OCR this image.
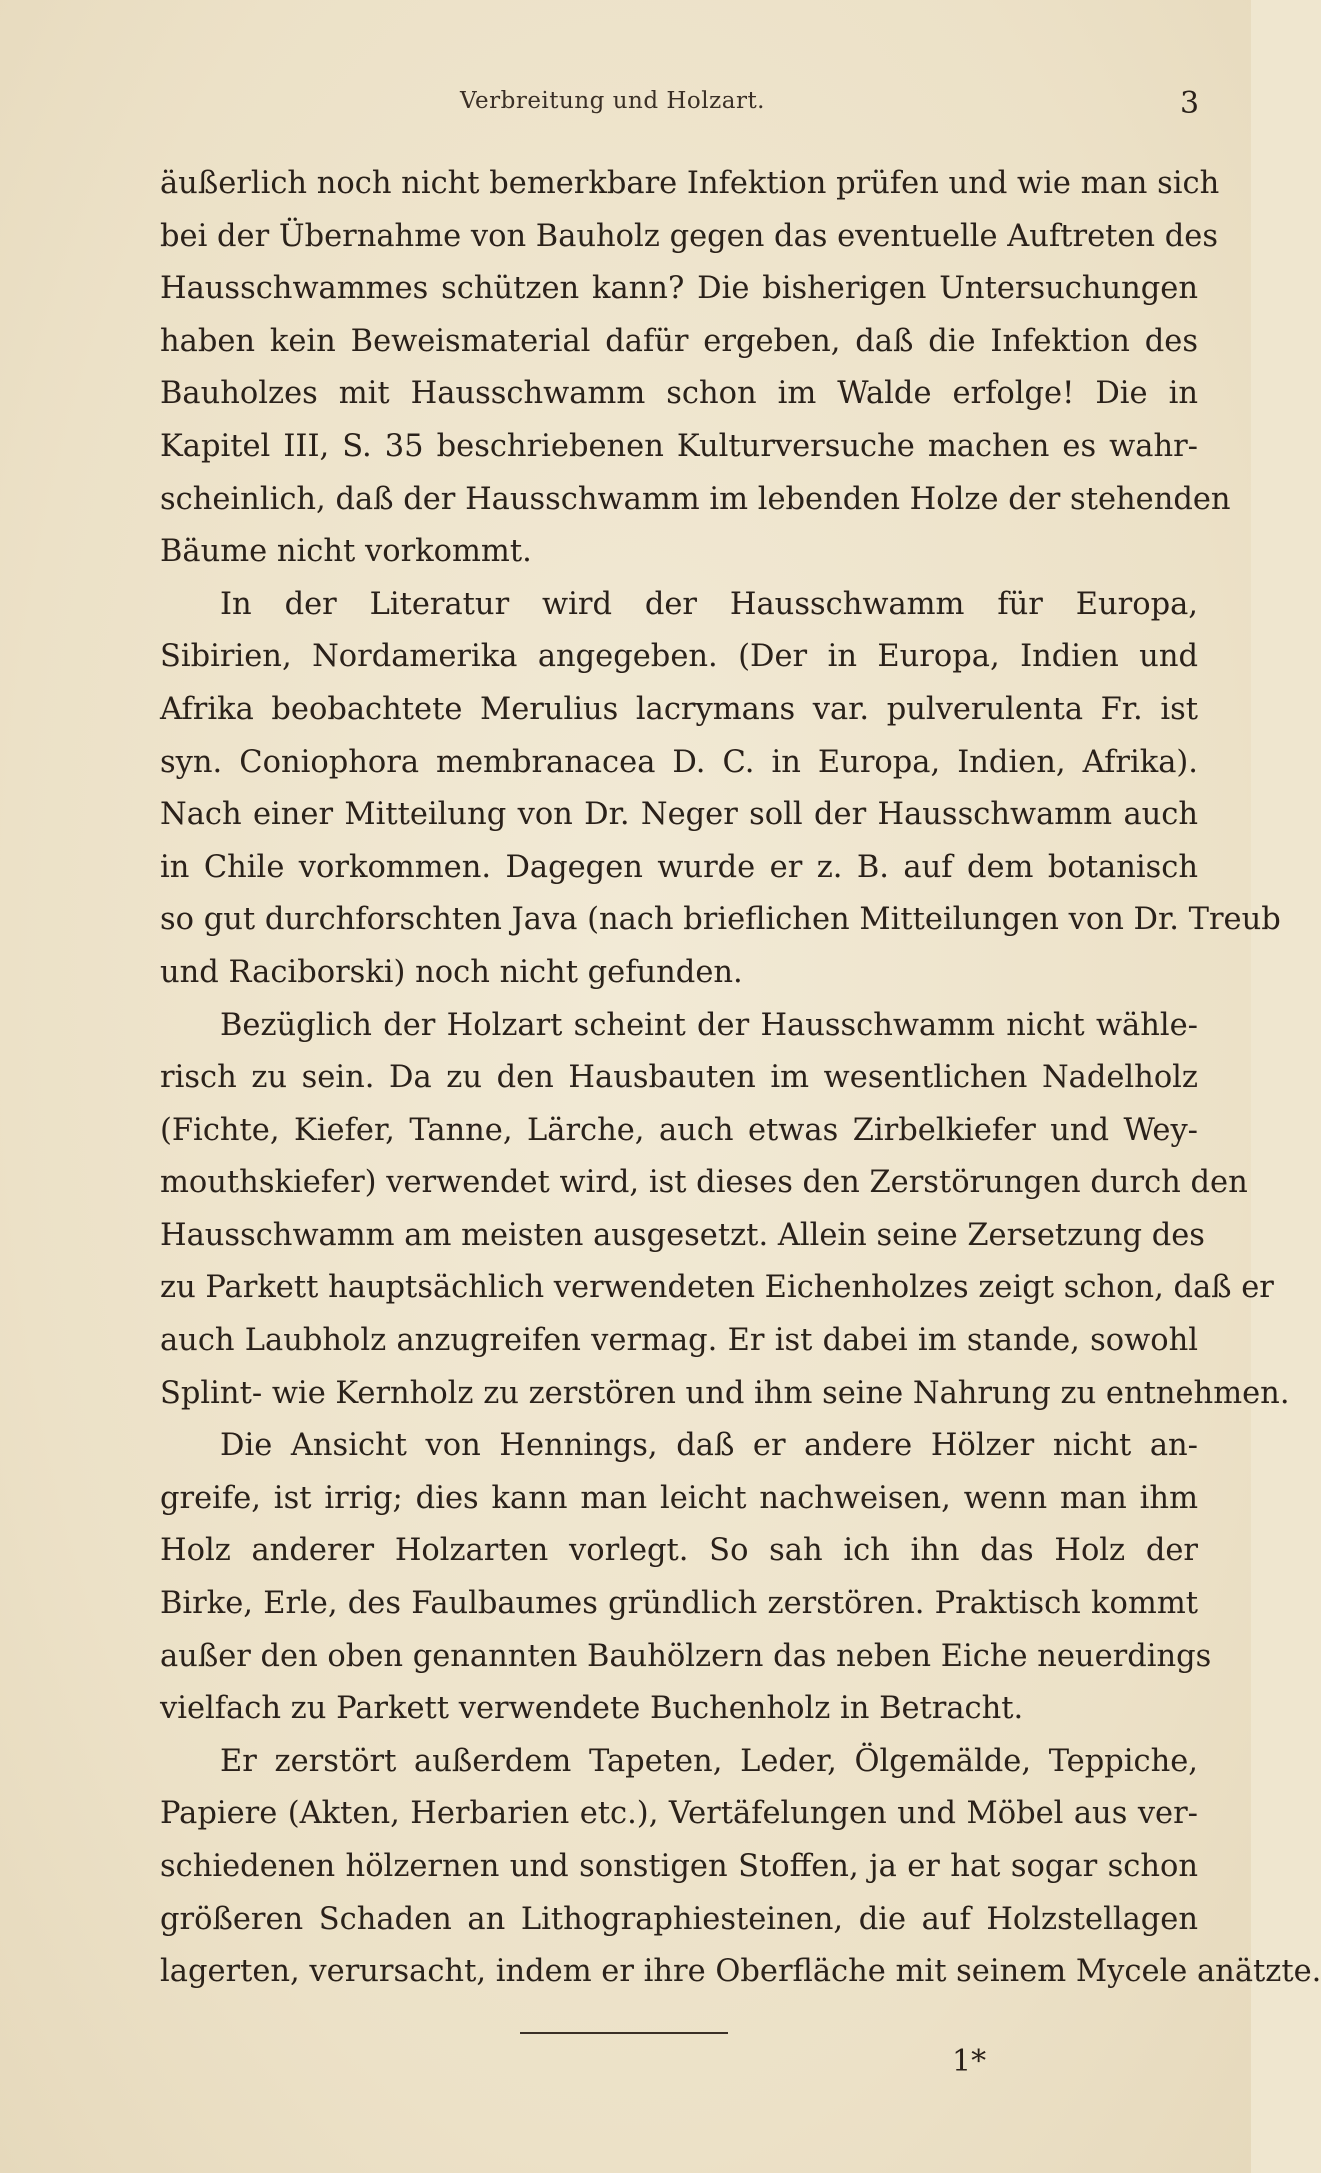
Verbreitung und Holzart.	3
äußerlich noch nicht bemerkbare Infektion prüfen und wie man sich
bei der Übernahme von Bauholz gegen das eventuelle Auftreten des
Hausschwammes schützen kann? Die bisherigen Untersuchungen
haben kein Beweismaterial dafür ergeben, daß die Infektion des
Bauholzes mit Hausschwamm schon im Walde erfolge! Die in
Kapitel III, S. 35 beschriebenen Kulturversuche machen es wahr-
scheinlich, daß der Hausschwamm im lebenden Holze der stehenden
Bäume nicht vorkommt.
In der Literatur wird der Hausschwamm für Europa,
Sibirien, Nordamerika angegeben. (Der in Europa, Indien und
Afrika beobachtete Merulius lacrymans var. pulverulenta Fr. ist
syn. Coniophora membranacea D. C. in Europa, Indien, Afrika).
Nach einer Mitteilung von Dr. Neger soll der Hausschwamm auch
in Chile vorkommen. Dagegen wurde er z. B. auf dem botanisch
so gut durchforschten Java (nach brieflichen Mitteilungen von Dr. Treub
und Raciborski) noch nicht gefunden.
Bezüglich der Holzart scheint der Hausschwamm nicht wähle-
risch zu sein. Da zu den Hausbauten im wesentlichen Nadelholz
(Fichte, Kiefer, Tanne, Lärche, auch etwas Zirbelkiefer und Wey-
mouthskiefer) verwendet wird, ist dieses den Zerstörungen durch den
Hausschwamm am meisten ausgesetzt. Allein seine Zersetzung des
zu Parkett hauptsächlich verwendeten Eichenholzes zeigt schon, daß er
auch Laubholz anzugreifen vermag. Er ist dabei im stande, sowohl
Splint- wie Kernholz zu zerstören und ihm seine Nahrung zu entnehmen.
Die Ansicht von Hennings, daß er andere Hölzer nicht an-
greife, ist irrig; dies kann man leicht nachweisen, wenn man ihm
Holz anderer Holzarten vorlegt. So sah ich ihn das Holz der
Birke, Erle, des Faulbaumes gründlich zerstören. Praktisch kommt
außer den oben genannten Bauhölzern das neben Eiche neuerdings
vielfach zu Parkett verwendete Buchenholz in Betracht.
Er zerstört außerdem Tapeten, Leder, Ölgemälde, Teppiche,
Papiere (Akten, Herbarien etc.), Vertäfelungen und Möbel aus ver-
schiedenen hölzernen und sonstigen Stoffen, ja er hat sogar schon
größeren Schaden an Lithographiesteinen, die auf Holzstellagen
lagerten, verursacht, indem er ihre Oberfläche mit seinem Mycele anätzte.
1*
